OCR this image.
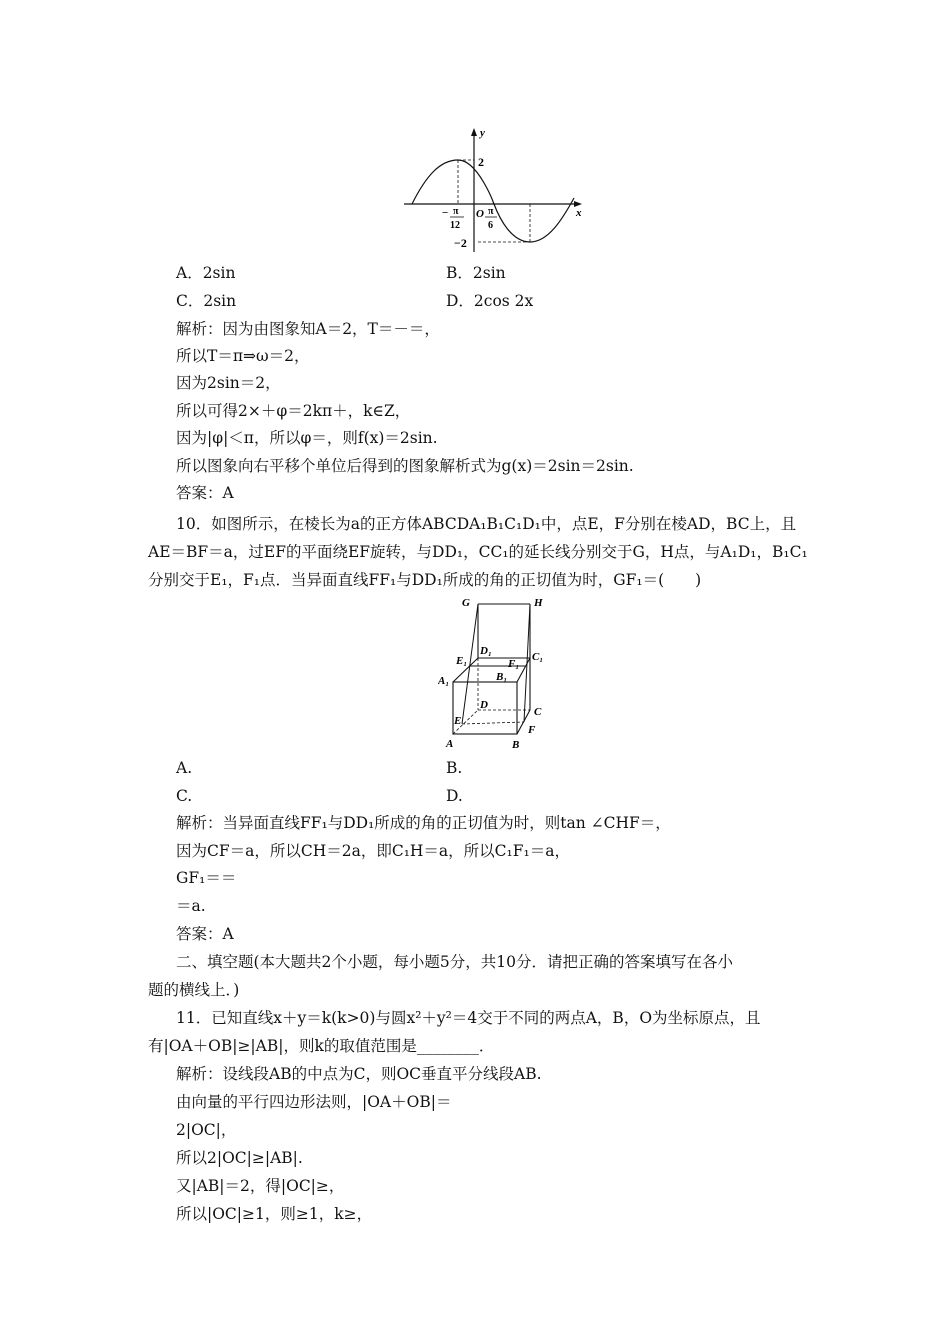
y
x
2
−2
O
− π
12
π
6
A．2sin	B．2sin
C．2sin	D．2cos 2x
解析：因为由图象知A＝2，T＝－＝，
所以T＝π⇒ω＝2，
因为2sin＝2，
所以可得2×＋φ＝2kπ＋，k∈Z，
因为|φ|＜π，所以φ＝，则f(x)＝2sin.
所以图象向右平移个单位后得到的图象解析式为g(x)＝2sin＝2sin.
答案：A
10．如图所示，在棱长为a的正方体ABCDA₁B₁C₁D₁中，点E，F分别在棱AD，BC上，且
AE＝BF＝a，过EF的平面绕EF旋转，与DD₁，CC₁的延长线分别交于G，H点，与A₁D₁，B₁C₁
分别交于E₁，F₁点．当异面直线FF₁与DD₁所成的角的正切值为时，GF₁＝(　　)
G	H
D₁	C₁
E₁	F₁
A₁	B₁
D
C
E
F
A	B
A.	B.
C.	D.
解析：当异面直线FF₁与DD₁所成的角的正切值为时，则tan ∠CHF＝，
因为CF＝a，所以CH＝2a，即C₁H＝a，所以C₁F₁＝a，
GF₁＝＝
＝a.
答案：A
二、填空题(本大题共2个小题，每小题5分，共10分．请把正确的答案填写在各小
题的横线上．)
11．已知直线x＋y＝k(k>0)与圆x²＋y²＝4交于不同的两点A，B，O为坐标原点，且
有|OA＋OB|≥|AB|，则k的取值范围是________．
解析：设线段AB的中点为C，则OC垂直平分线段AB.
由向量的平行四边形法则，|OA＋OB|＝
2|OC|，
所以2|OC|≥|AB|.
又|AB|＝2，得|OC|≥，
所以|OC|≥1，则≥1，k≥，
